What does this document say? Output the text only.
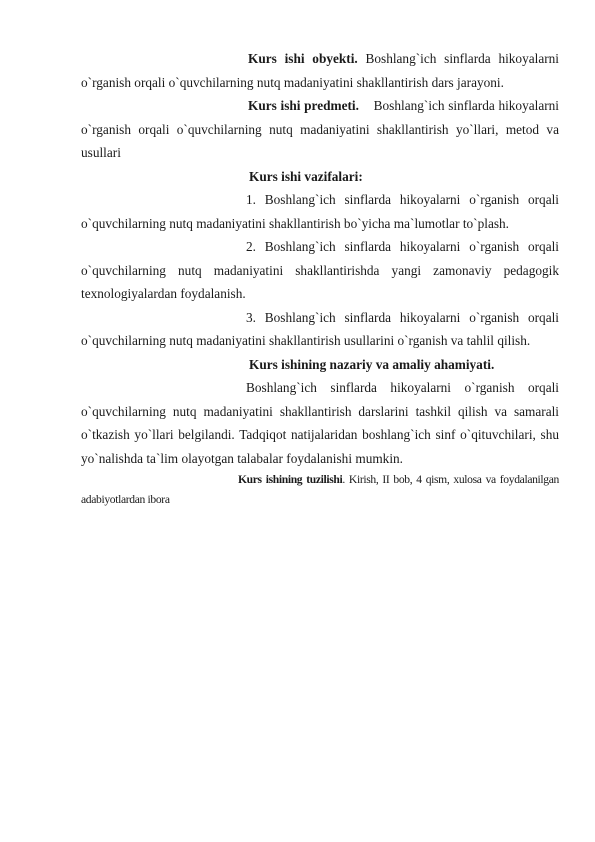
Kurs ishi obyekti. Boshlang`ich sinflarda hikoyalarni o`rganish orqali o`quvchilarning nutq madaniyatini shakllantirish dars jarayoni.

Kurs ishi predmeti. Boshlang`ich sinflarda hikoyalarni o`rganish orqali o`quvchilarning nutq madaniyatini shakllantirish yo`llari, metod va usullari

Kurs ishi vazifalari:

1. Boshlang`ich sinflarda hikoyalarni o`rganish orqali o`quvchilarning nutq madaniyatini shakllantirish bo`yicha ma`lumotlar to`plash.

2. Boshlang`ich sinflarda hikoyalarni o`rganish orqali o`quvchilarning nutq madaniyatini shakllantirishda yangi zamonaviy pedagogik texnologiyalardan foydalanish.

3. Boshlang`ich sinflarda hikoyalarni o`rganish orqali o`quvchilarning nutq madaniyatini shakllantirish usullarini o`rganish va tahlil qilish.

Kurs ishining nazariy va amaliy ahamiyati.

Boshlang`ich sinflarda hikoyalarni o`rganish orqali o`quvchilarning nutq madaniyatini shakllantirish darslarini tashkil qilish va samarali o`tkazish yo`llari belgilandi. Tadqiqot natijalaridan boshlang`ich sinf o`qituvchilari, shu yo`nalishda ta`lim olayotgan talabalar foydalanishi mumkin.

Kurs ishining tuzilishi. Kirish, II bob, 4 qism, xulosa va foydalanilgan adabiyotlardan ibora
